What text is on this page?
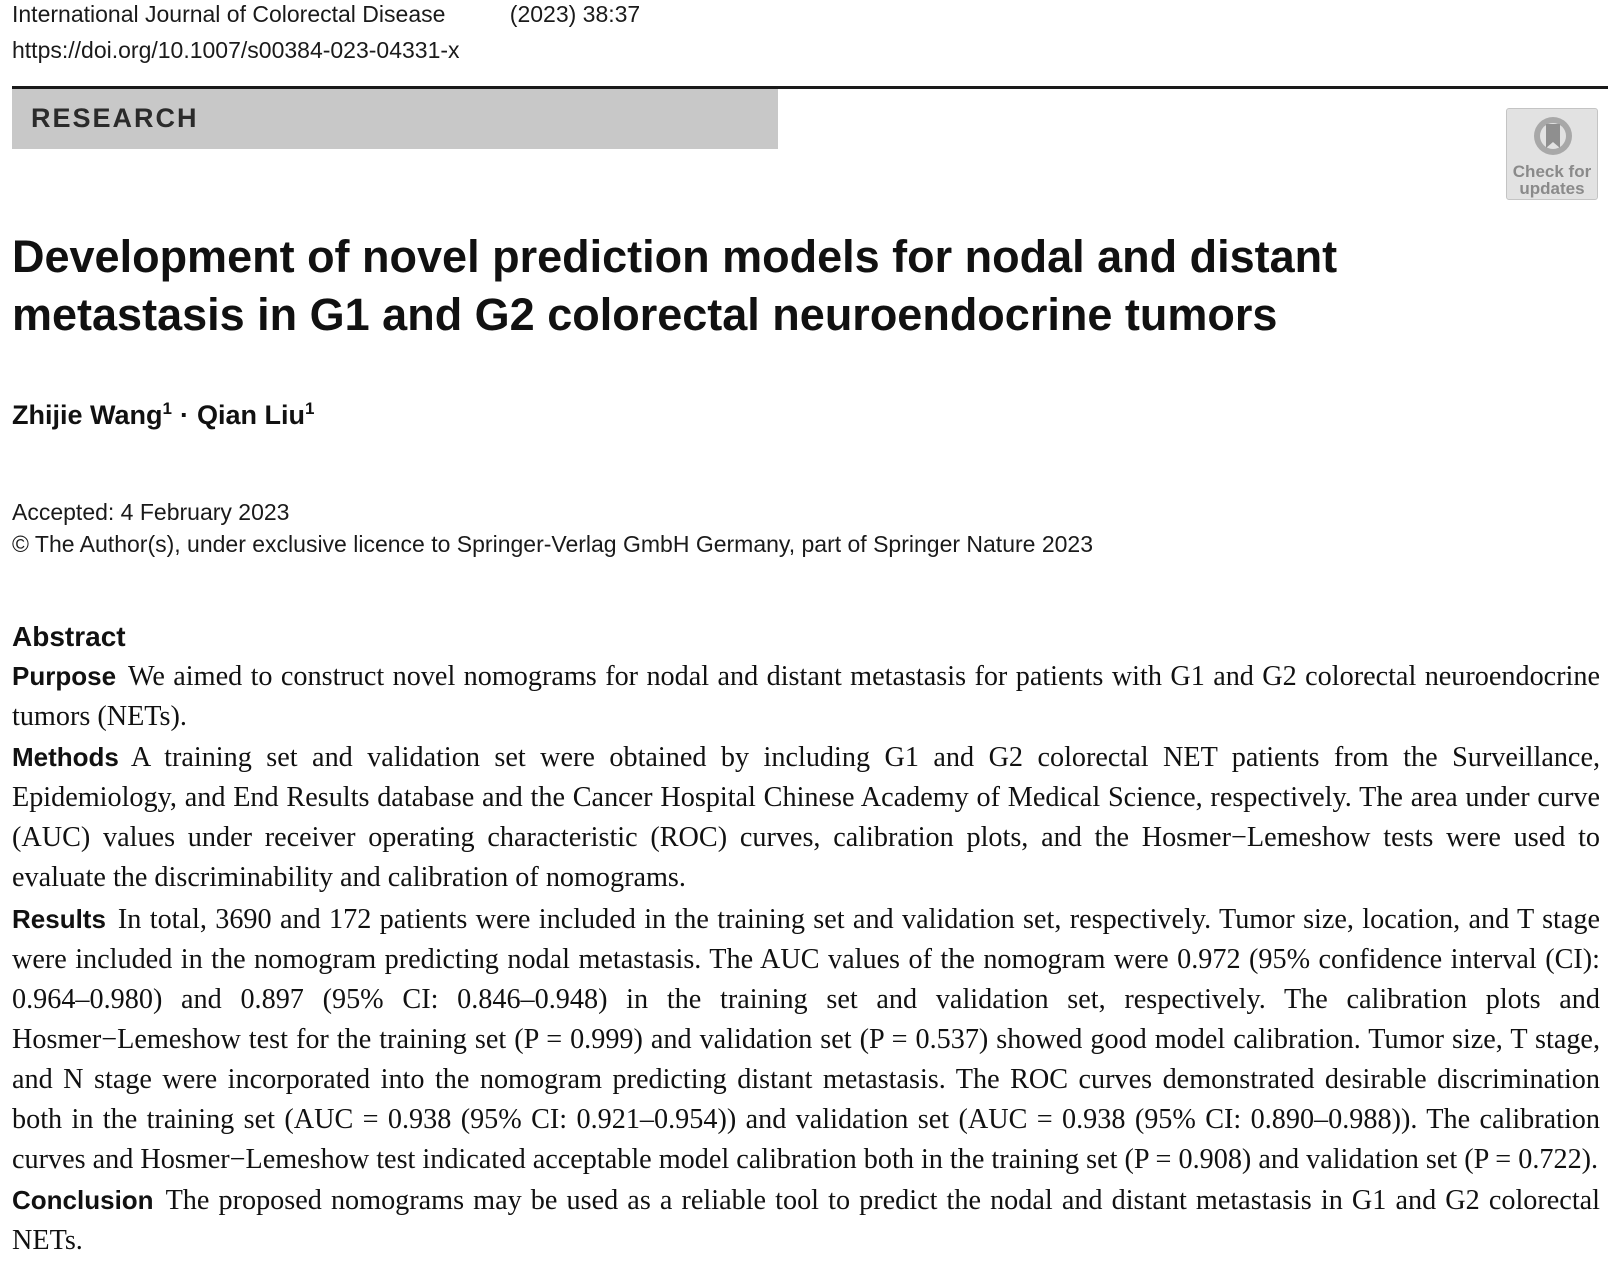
International Journal of Colorectal Disease	(2023) 38:37
https://doi.org/10.1007/s00384-023-04331-x
RESEARCH
Check for
updates
Development of novel prediction models for nodal and distant metastasis in G1 and G2 colorectal neuroendocrine tumors
Zhijie Wang$^1$ · Qian Liu$^1$
Accepted: 4 February 2023
© The Author(s), under exclusive licence to Springer-Verlag GmbH Germany, part of Springer Nature 2023
Abstract

Purpose We aimed to construct novel nomograms for nodal and distant metastasis for patients with G1 and G2 colorectal neuroendocrine tumors (NETs).

Methods A training set and validation set were obtained by including G1 and G2 colorectal NET patients from the Surveillance, Epidemiology, and End Results database and the Cancer Hospital Chinese Academy of Medical Science, respectively. The area under curve (AUC) values under receiver operating characteristic (ROC) curves, calibration plots, and the Hosmer−Lemeshow tests were used to evaluate the discriminability and calibration of nomograms.

Results In total, 3690 and 172 patients were included in the training set and validation set, respectively. Tumor size, location, and T stage were included in the nomogram predicting nodal metastasis. The AUC values of the nomogram were 0.972 (95% confidence interval (CI): 0.964–0.980) and 0.897 (95% CI: 0.846–0.948) in the training set and validation set, respectively. The calibration plots and Hosmer−Lemeshow test for the training set (P = 0.999) and validation set (P = 0.537) showed good model calibration. Tumor size, T stage, and N stage were incorporated into the nomogram predicting distant metastasis. The ROC curves demonstrated desirable discrimination both in the training set (AUC = 0.938 (95% CI: 0.921–0.954)) and validation set (AUC = 0.938 (95% CI: 0.890–0.988)). The calibration curves and Hosmer−Lemeshow test indicated acceptable model calibration both in the training set (P = 0.908) and validation set (P = 0.722).

Conclusion The proposed nomograms may be used as a reliable tool to predict the nodal and distant metastasis in G1 and G2 colorectal NETs.
